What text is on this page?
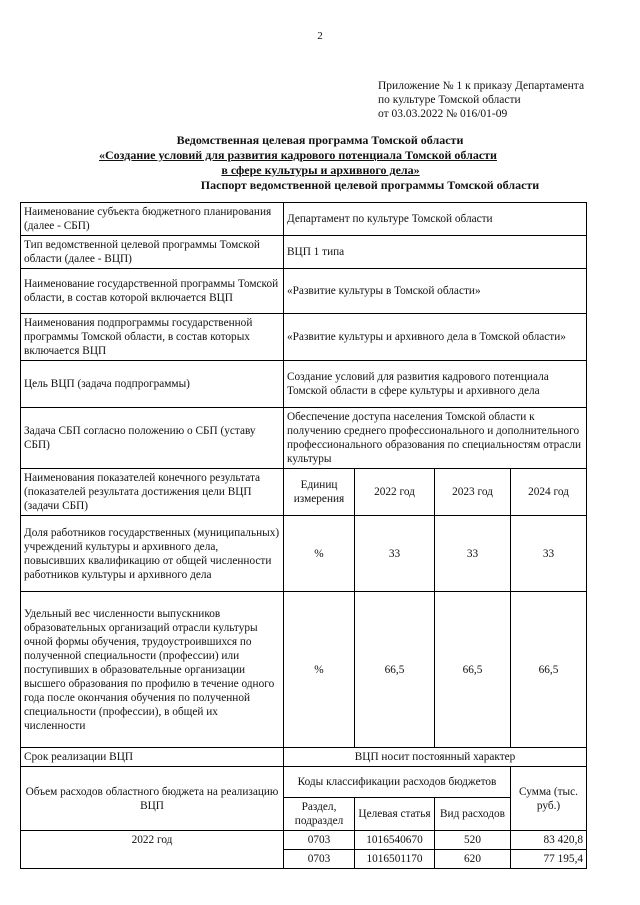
2
Приложение № 1 к приказу Департамента
по культуре Томской области
от 03.03.2022 № 016/01-09
Ведомственная целевая программа Томской области
«Создание условий для развития кадрового потенциала Томской области
в сфере культуры и архивного дела»
Паспорт ведомственной целевой программы Томской области
Наименование субъекта бюджетного планирования (далее - СБП)	Департамент по культуре Томской области			
Тип ведомственной целевой программы Томской области (далее - ВЦП)	ВЦП 1 типа			
Наименование государственной программы Томской области, в состав которой включается ВЦП	«Развитие культуры в Томской области»			
Наименования подпрограммы государственной программы Томской области, в состав которых включается ВЦП	«Развитие культуры и архивного дела в Томской области»			
Цель ВЦП (задача подпрограммы)	Создание условий для развития кадрового потенциала Томской области в сфере культуры и архивного дела			
Задача СБП согласно положению о СБП (уставу СБП)	Обеспечение доступа населения Томской области к получению среднего профессионального и дополнительного профессионального образования по специальностям отрасли культуры			
Наименования показателей конечного результата (показателей результата достижения цели ВЦП (задачи СБП)	Единиц измерения	2022 год	2023 год	2024 год
Доля работников государственных (муниципальных) учреждений культуры и архивного дела, повысивших квалификацию от общей численности работников культуры и архивного дела	%	33	33	33
Удельный вес численности выпускников образовательных организаций отрасли культуры очной формы обучения, трудоустроившихся по полученной специальности (профессии) или поступивших в образовательные организации высшего образования по профилю в течение одного года после окончания обучения по полученной специальности (профессии), в общей их численности	%	66,5	66,5	66,5
Срок реализации ВЦП	ВЦП носит постоянный характер			
Объем расходов областного бюджета на реализацию ВЦП	Коды классификации расходов бюджетов			Сумма (тыс. руб.)
	Раздел, подраздел	Целевая статья	Вид расходов	
2022 год	0703	1016540670	520	83 420,8
	0703	1016501170	620	77 195,4
